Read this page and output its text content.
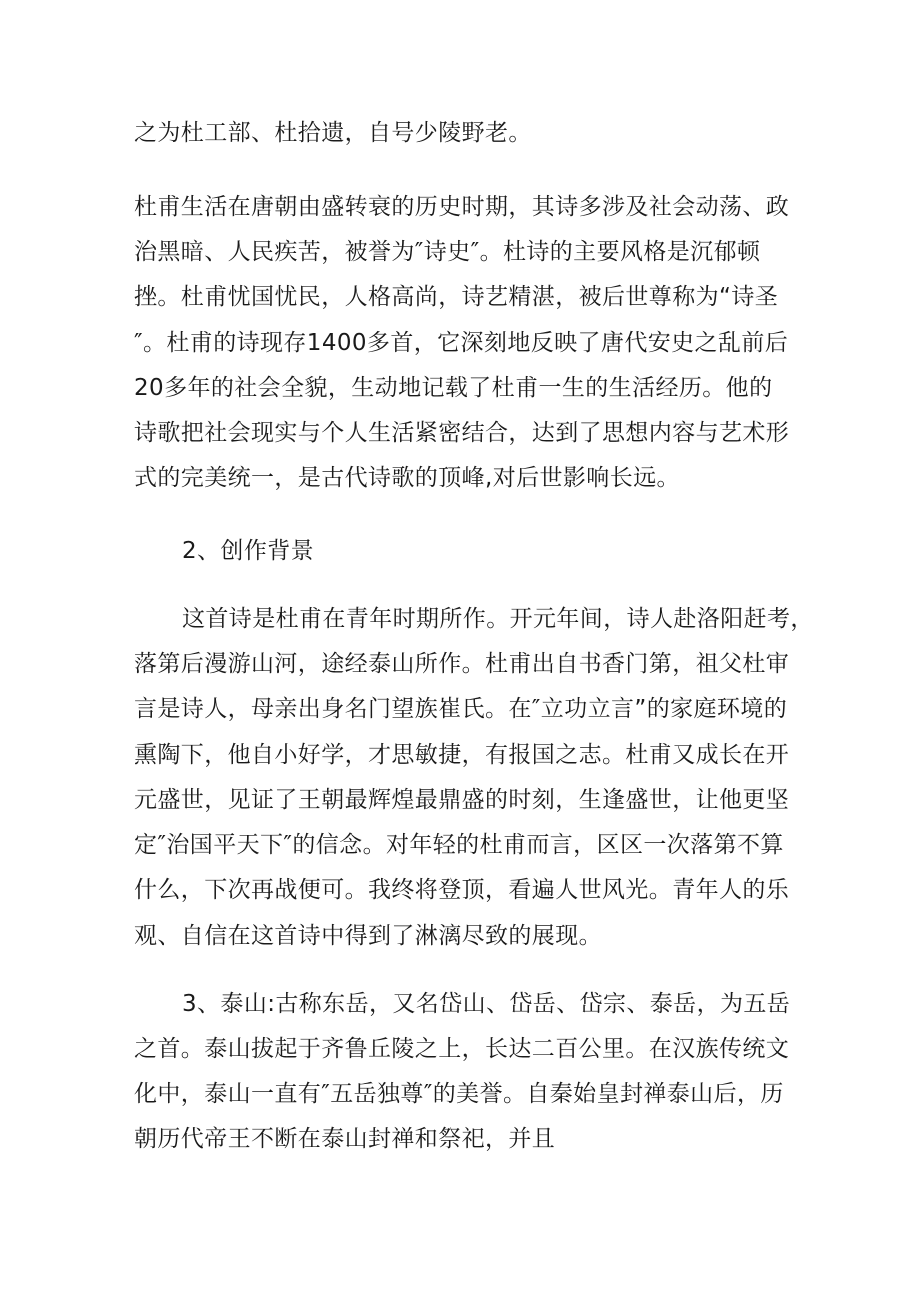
之为杜工部、杜拾遗，自号少陵野老。

杜甫生活在唐朝由盛转衰的历史时期，其诗多涉及社会动荡、政

治黑暗、人民疾苦，被誉为″诗史″。杜诗的主要风格是沉郁顿

挫。杜甫忧国忧民，人格高尚，诗艺精湛，被后世尊称为“诗圣

″。杜甫的诗现存1400多首，它深刻地反映了唐代安史之乱前后

20多年的社会全貌，生动地记载了杜甫一生的生活经历。他的

诗歌把社会现实与个人生活紧密结合，达到了思想内容与艺术形

式的完美统一，是古代诗歌的顶峰,对后世影响长远。

2、创作背景

这首诗是杜甫在青年时期所作。开元年间，诗人赴洛阳赶考，

落第后漫游山河，途经泰山所作。杜甫出自书香门第，祖父杜审

言是诗人，母亲出身名门望族崔氏。在″立功立言”的家庭环境的

熏陶下，他自小好学，才思敏捷，有报国之志。杜甫又成长在开

元盛世，见证了王朝最辉煌最鼎盛的时刻，生逢盛世，让他更坚

定″治国平天下″的信念。对年轻的杜甫而言，区区一次落第不算

什么，下次再战便可。我终将登顶，看遍人世风光。青年人的乐

观、自信在这首诗中得到了淋漓尽致的展现。

3、泰山:古称东岳，又名岱山、岱岳、岱宗、泰岳，为五岳

之首。泰山拔起于齐鲁丘陵之上，长达二百公里。在汉族传统文

化中，泰山一直有″五岳独尊″的美誉。自秦始皇封禅泰山后，历

朝历代帝王不断在泰山封禅和祭祀，并且
